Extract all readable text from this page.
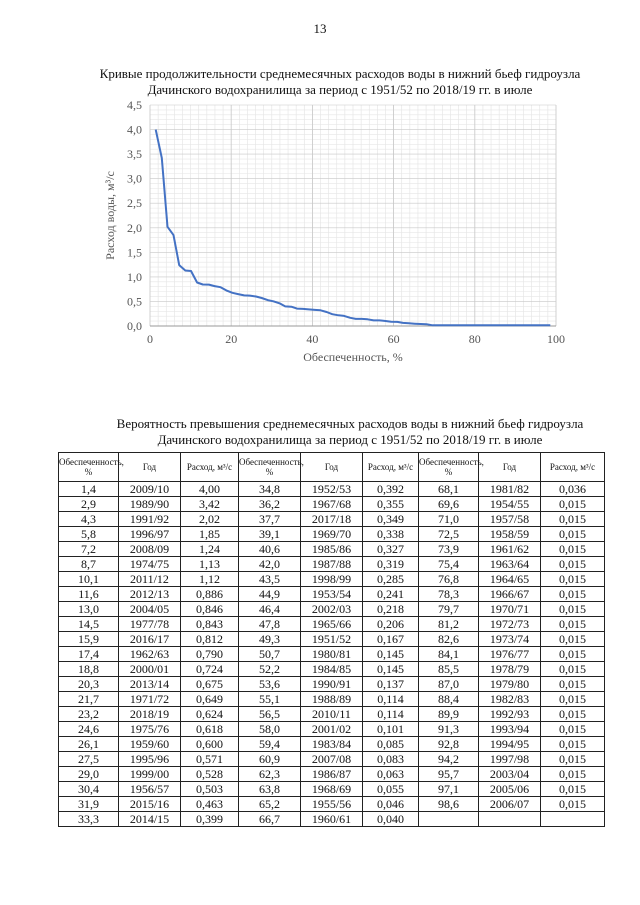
13
Кривые продолжительности среднемесячных расходов воды в нижний бьеф гидроузла
Дачинского водохранилища за период с 1951/52 по 2018/19 гг. в июле
0,0
0,5
1,0
1,5
2,0
2,5
3,0
3,5
4,0
4,5
0	20	40	60	80	100
Обеспеченность, %
Расход воды, м³/с
Вероятность превышения среднемесячных расходов воды в нижний бьеф гидроузла
Дачинского водохранилища за период с 1951/52 по 2018/19 гг. в июле
Обеспеченность, %	Год	Расход, м³/с	Обеспеченность, %	Год	Расход, м³/с	Обеспеченность, %	Год	Расход, м³/с
1,4	2009/10	4,00	34,8	1952/53	0,392	68,1	1981/82	0,036
2,9	1989/90	3,42	36,2	1967/68	0,355	69,6	1954/55	0,015
4,3	1991/92	2,02	37,7	2017/18	0,349	71,0	1957/58	0,015
5,8	1996/97	1,85	39,1	1969/70	0,338	72,5	1958/59	0,015
7,2	2008/09	1,24	40,6	1985/86	0,327	73,9	1961/62	0,015
8,7	1974/75	1,13	42,0	1987/88	0,319	75,4	1963/64	0,015
10,1	2011/12	1,12	43,5	1998/99	0,285	76,8	1964/65	0,015
11,6	2012/13	0,886	44,9	1953/54	0,241	78,3	1966/67	0,015
13,0	2004/05	0,846	46,4	2002/03	0,218	79,7	1970/71	0,015
14,5	1977/78	0,843	47,8	1965/66	0,206	81,2	1972/73	0,015
15,9	2016/17	0,812	49,3	1951/52	0,167	82,6	1973/74	0,015
17,4	1962/63	0,790	50,7	1980/81	0,145	84,1	1976/77	0,015
18,8	2000/01	0,724	52,2	1984/85	0,145	85,5	1978/79	0,015
20,3	2013/14	0,675	53,6	1990/91	0,137	87,0	1979/80	0,015
21,7	1971/72	0,649	55,1	1988/89	0,114	88,4	1982/83	0,015
23,2	2018/19	0,624	56,5	2010/11	0,114	89,9	1992/93	0,015
24,6	1975/76	0,618	58,0	2001/02	0,101	91,3	1993/94	0,015
26,1	1959/60	0,600	59,4	1983/84	0,085	92,8	1994/95	0,015
27,5	1995/96	0,571	60,9	2007/08	0,083	94,2	1997/98	0,015
29,0	1999/00	0,528	62,3	1986/87	0,063	95,7	2003/04	0,015
30,4	1956/57	0,503	63,8	1968/69	0,055	97,1	2005/06	0,015
31,9	2015/16	0,463	65,2	1955/56	0,046	98,6	2006/07	0,015
33,3	2014/15	0,399	66,7	1960/61	0,040			
